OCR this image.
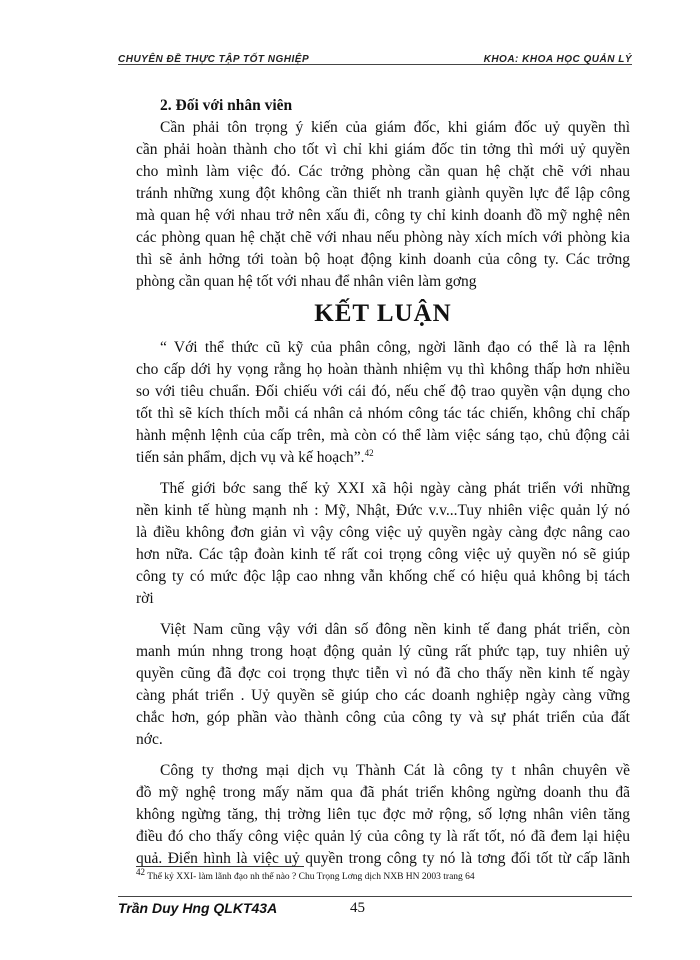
CHUYÊN ĐỀ THỰC TẬP TỐT NGHIỆP	KHOA: KHOA HỌC QUẢN LÝ
2. Đối với nhân viên
Cần phải tôn trọng ý kiến của giám đốc, khi giám đốc uỷ quyền thì
cần phải hoàn thành cho tốt vì chỉ khi giám đốc tin tởng thì mới uỷ quyền
cho mình làm việc đó. Các trởng phòng cần quan hệ chặt chẽ với nhau
tránh những xung đột không cần thiết nh tranh giành quyền lực để lập công
mà quan hệ với nhau trở nên xấu đi, công ty chỉ kinh doanh đồ mỹ nghệ nên
các phòng quan hệ chặt chẽ với nhau nếu phòng này xích mích với phòng kia
thì sẽ ảnh hởng tới toàn bộ hoạt động kinh doanh của công ty. Các trởng
phòng cần quan hệ tốt với nhau để nhân viên làm gơng
KẾT LUẬN
“ Với thể thức cũ kỹ của phân công, ngời lãnh đạo có thể là ra lệnh
cho cấp dới hy vọng rằng họ hoàn thành nhiệm vụ thì không thấp hơn nhiều
so với tiêu chuẩn. Đối chiếu với cái đó, nếu chế độ trao quyền vận dụng cho
tốt thì sẽ kích thích mỗi cá nhân cả nhóm công tác tác chiến, không chỉ chấp
hành mệnh lệnh của cấp trên, mà còn có thể làm việc sáng tạo, chủ động cải
tiến sản phẩm, dịch vụ và kế hoạch”.$^{42}$
Thế giới bớc sang thế kỷ XXI xã hội ngày càng phát triển với những
nền kinh tế hùng mạnh nh : Mỹ, Nhật, Đức v.v...Tuy nhiên việc quản lý nó
là điều không đơn giản vì vậy công việc uỷ quyền ngày càng đợc nâng cao
hơn nữa. Các tập đoàn kinh tế rất coi trọng công việc uỷ quyền nó sẽ giúp
công ty có mức độc lập cao nhng vẫn khống chế có hiệu quả không bị tách
rời
Việt Nam cũng vậy với dân số đông nền kinh tế đang phát triển, còn
manh mún nhng trong hoạt động quản lý cũng rất phức tạp, tuy nhiên uỷ
quyền cũng đã đợc coi trọng thực tiễn vì nó đã cho thấy nền kinh tế ngày
càng phát triển . Uỷ quyền sẽ giúp cho các doanh nghiệp ngày càng vững
chắc hơn, góp phần vào thành công của công ty và sự phát triển của đất
nớc.
Công ty thơng mại dịch vụ Thành Cát là công ty t nhân chuyên về
đồ mỹ nghệ trong mấy năm qua đã phát triển không ngừng doanh thu đã
không ngừng tăng, thị trờng liên tục đợc mở rộng, số lợng nhân viên tăng
điều đó cho thấy công việc quản lý của công ty là rất tốt, nó đã đem lại hiệu
quả. Điển hình là việc uỷ quyền trong công ty nó là tơng đối tốt từ cấp lãnh
$^{42}$ Thế kỷ XXI- làm lãnh đạo nh thế nào ? Chu Trọng Lơng dịch NXB HN 2003 trang 64
Trần Duy Hng QLKT43A	45
